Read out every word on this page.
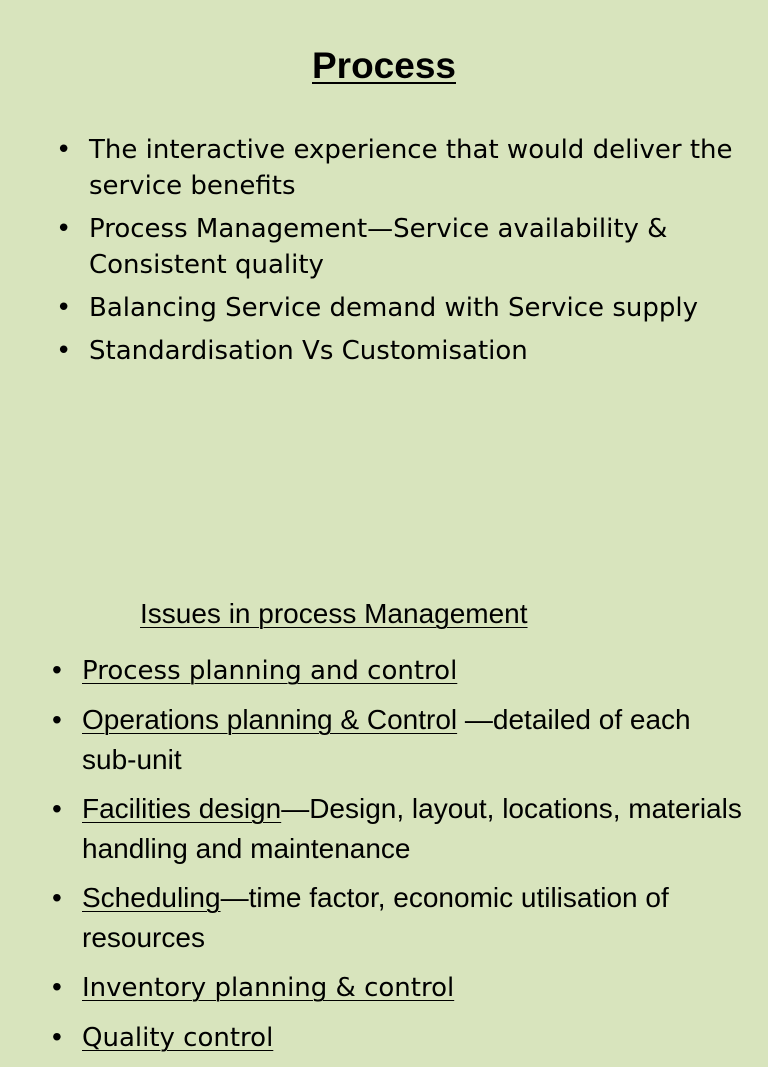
Process
• The interactive experience that would deliver the service benefits
• Process Management—Service availability & Consistent quality
• Balancing Service demand with Service supply
• Standardisation Vs Customisation
Issues in process Management
• Process planning and control
• Operations planning & Control —detailed of each sub-unit
• Facilities design—Design, layout, locations, materials handling and maintenance
• Scheduling—time factor, economic utilisation of resources
• Inventory planning & control
• Quality control
